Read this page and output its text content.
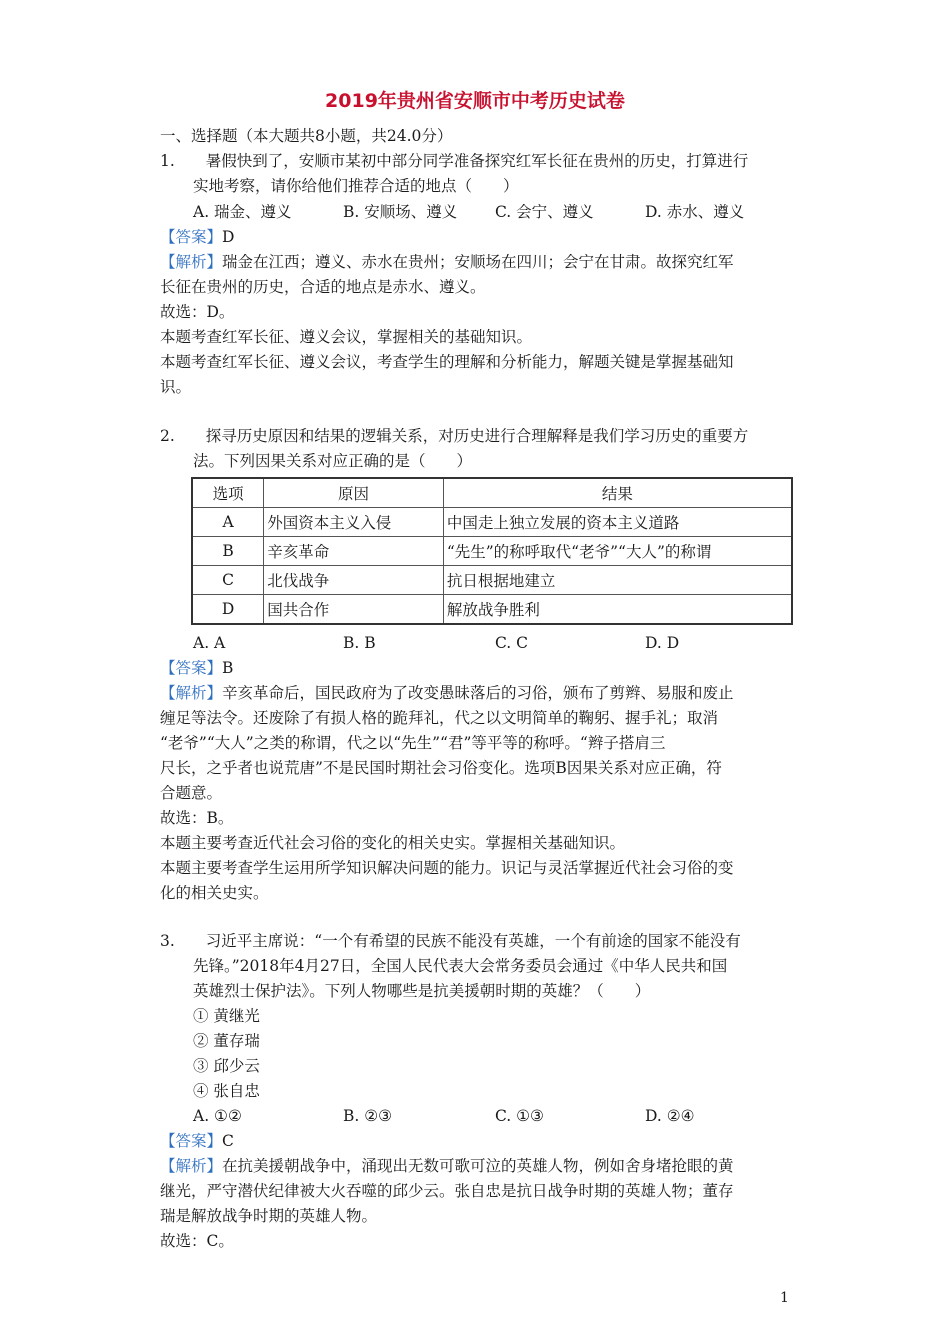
2019年贵州省安顺市中考历史试卷
一、选择题（本大题共8小题，共24.0分）
1.　　暑假快到了，安顺市某初中部分同学准备探究红军长征在贵州的历史，打算进行
实地考察，请你给他们推荐合适的地点（　　）
A. 瑞金、遵义	B. 安顺场、遵义 C. 会宁、遵义	D. 赤水、遵义
【答案】D
【解析】瑞金在江西；遵义、赤水在贵州；安顺场在四川；会宁在甘肃。故探究红军
长征在贵州的历史，合适的地点是赤水、遵义。
故选：D。
本题考查红军长征、遵义会议，掌握相关的基础知识。
本题考查红军长征、遵义会议，考查学生的理解和分析能力，解题关键是掌握基础知
识。
2.　　探寻历史原因和结果的逻辑关系，对历史进行合理解释是我们学习历史的重要方
法。下列因果关系对应正确的是（　　）
选项	原因	结果
A	外国资本主义入侵	中国走上独立发展的资本主义道路
B	辛亥革命	“先生”的称呼取代“老爷”“大人”的称谓
C	北伐战争	抗日根据地建立
D	国共合作	解放战争胜利
A. A	B. B	C. C	D. D
【答案】B
【解析】辛亥革命后，国民政府为了改变愚昧落后的习俗，颁布了剪辫、易服和废止
缠足等法令。还废除了有损人格的跪拜礼，代之以文明简单的鞠躬、握手礼；取消
“老爷”“大人”之类的称谓，代之以“先生”“君”等平等的称呼。“辫子搭肩三
尺长，之乎者也说荒唐”不是民国时期社会习俗变化。选项B因果关系对应正确，符
合题意。
故选：B。
本题主要考查近代社会习俗的变化的相关史实。掌握相关基础知识。
本题主要考查学生运用所学知识解决问题的能力。识记与灵活掌握近代社会习俗的变
化的相关史实。
3.　　习近平主席说：“一个有希望的民族不能没有英雄，一个有前途的国家不能没有
先锋。”2018年4月27日，全国人民代表大会常务委员会通过《中华人民共和国
英雄烈士保护法》。下列人物哪些是抗美援朝时期的英雄？（　　）
① 黄继光
② 董存瑞
③ 邱少云
④ 张自忠
A. ①②	B. ②③	C. ①③	D. ②④
【答案】C
【解析】在抗美援朝战争中，涌现出无数可歌可泣的英雄人物，例如舍身堵抢眼的黄
继光，严守潜伏纪律被大火吞噬的邱少云。张自忠是抗日战争时期的英雄人物；董存
瑞是解放战争时期的英雄人物。
故选：C。
1
